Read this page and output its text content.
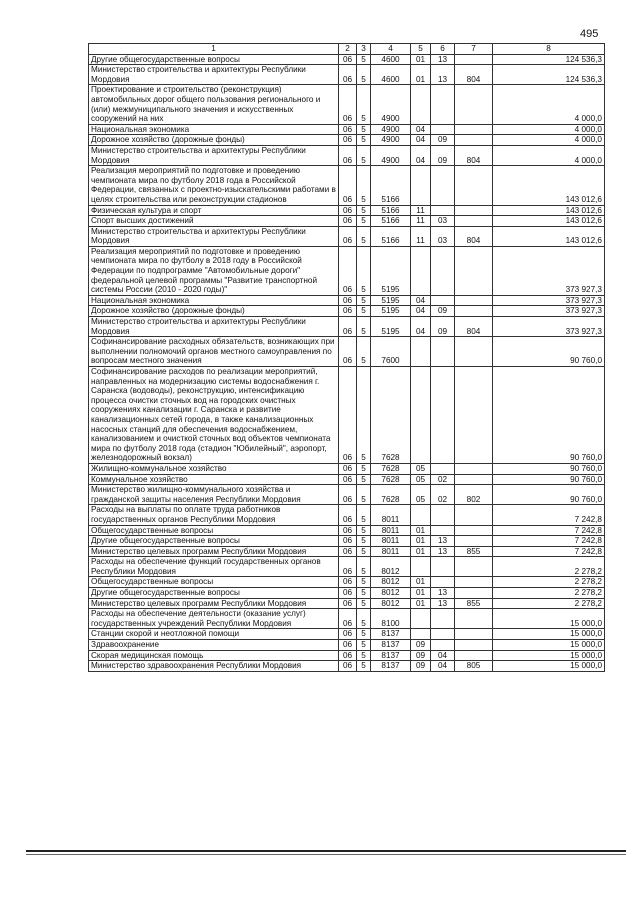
495
1	2	3	4	5	6	7	8
Другие общегосударственные вопросы	06	5	4600	01	13		124 536,3
Министерство строительства и архитектуры Республики Мордовия	06	5	4600	01	13	804	124 536,3
Проектирование и строительство (реконструкция) автомобильных дорог общего пользования регионального и (или) межмуниципального значения и искусственных сооружений на них	06	5	4900				4 000,0
Национальная экономика	06	5	4900	04			4 000,0
Дорожное хозяйство (дорожные фонды)	06	5	4900	04	09		4 000,0
Министерство строительства и архитектуры Республики Мордовия	06	5	4900	04	09	804	4 000,0
Реализация мероприятий по подготовке и проведению чемпионата мира по футболу 2018 года в Российской Федерации, связанных с проектно-изыскательскими работами в целях строительства или реконструкции стадионов	06	5	5166				143 012,6
Физическая культура и спорт	06	5	5166	11			143 012,6
Спорт высших достижений	06	5	5166	11	03		143 012,6
Министерство строительства и архитектуры Республики Мордовия	06	5	5166	11	03	804	143 012,6
Реализация мероприятий по подготовке и проведению чемпионата мира по футболу в 2018 году в Российской Федерации по подпрограмме "Автомобильные дороги" федеральной целевой программы "Развитие транспортной системы России (2010 - 2020 годы)"	06	5	5195				373 927,3
Национальная экономика	06	5	5195	04			373 927,3
Дорожное хозяйство (дорожные фонды)	06	5	5195	04	09		373 927,3
Министерство строительства и архитектуры Республики Мордовия	06	5	5195	04	09	804	373 927,3
Софинансирование расходных обязательств, возникающих при выполнении полномочий органов местного самоуправления по вопросам местного значения	06	5	7600				90 760,0
Софинансирование расходов по реализации мероприятий, направленных на модернизацию системы водоснабжения г. Саранска (водоводы), реконструкцию, интенсификацию процесса очистки сточных вод на городских очистных сооружениях канализации г. Саранска и развитие канализационных сетей города, в также канализационных насосных станций для обеспечения водоснабжением, канализованием и очисткой сточных вод объектов чемпионата мира по футболу 2018 года (стадион "Юбилейный", аэропорт, железнодорожный вокзал)	06	5	7628				90 760,0
Жилищно-коммунальное хозяйство	06	5	7628	05			90 760,0
Коммунальное хозяйство	06	5	7628	05	02		90 760,0
Министерство жилищно-коммунального хозяйства и гражданской защиты населения Республики Мордовия	06	5	7628	05	02	802	90 760,0
Расходы на выплаты по оплате труда работников государственных органов Республики Мордовия	06	5	8011				7 242,8
Общегосударственные вопросы	06	5	8011	01			7 242,8
Другие общегосударственные вопросы	06	5	8011	01	13		7 242,8
Министерство целевых программ Республики Мордовия	06	5	8011	01	13	855	7 242,8
Расходы на обеспечение функций государственных органов Республики Мордовия	06	5	8012				2 278,2
Общегосударственные вопросы	06	5	8012	01			2 278,2
Другие общегосударственные вопросы	06	5	8012	01	13		2 278,2
Министерство целевых программ Республики Мордовия	06	5	8012	01	13	855	2 278,2
Расходы на обеспечение деятельности (оказание услуг) государственных учреждений Республики Мордовия	06	5	8100				15 000,0
Станции скорой и неотложной помощи	06	5	8137				15 000,0
Здравоохранение	06	5	8137	09			15 000,0
Скорая медицинская помощь	06	5	8137	09	04		15 000,0
Министерство здравоохранения Республики Мордовия	06	5	8137	09	04	805	15 000,0
